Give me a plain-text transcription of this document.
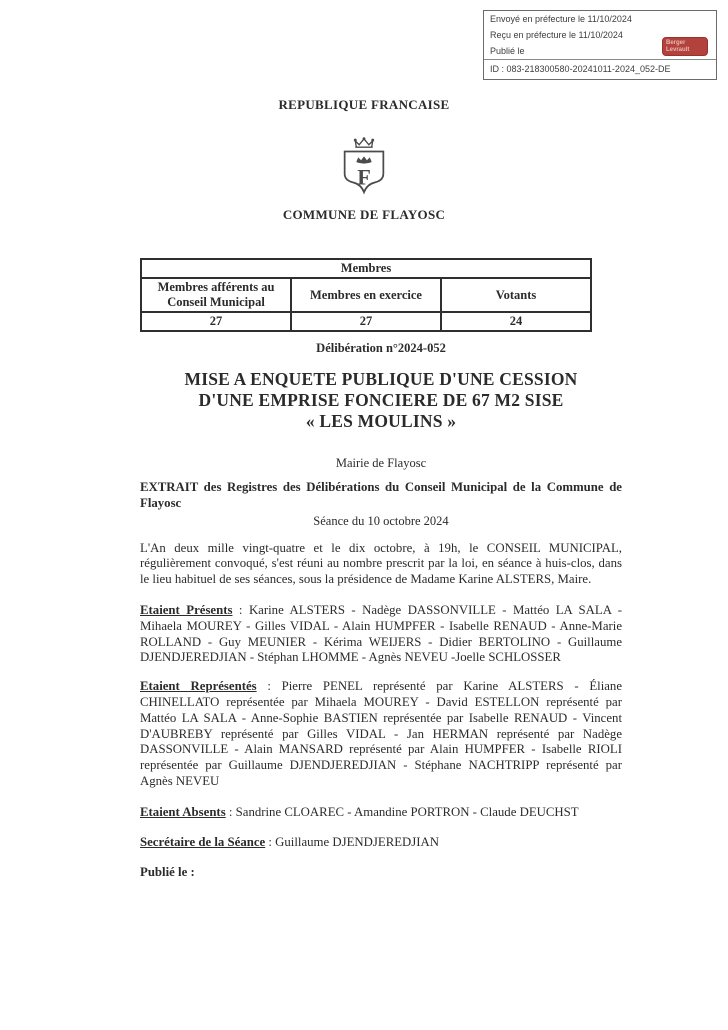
Envoyé en préfecture le 11/10/2024
Reçu en préfecture le 11/10/2024
Publié le
Berger
Levrault
ID : 083-218300580-20241011-2024_052-DE
REPUBLIQUE FRANCAISE
F
COMMUNE DE FLAYOSC
Membres		
Membres afférents au Conseil Municipal	Membres en exercice	Votants
27	27	24
Délibération n°2024-052
MISE A ENQUETE PUBLIQUE D'UNE CESSION
D'UNE EMPRISE FONCIERE DE 67 M2 SISE
« LES MOULINS »
Mairie de Flayosc

EXTRAIT des Registres des Délibérations du Conseil Municipal de la Commune de Flayosc

Séance du 10 octobre 2024

L'An deux mille vingt-quatre et le dix octobre, à 19h, le CONSEIL MUNICIPAL, régulièrement convoqué, s'est réuni au nombre prescrit par la loi, en séance à huis-clos, dans le lieu habituel de ses séances, sous la présidence de Madame Karine ALSTERS, Maire.

Etaient Présents : Karine ALSTERS - Nadège DASSONVILLE - Mattéo LA SALA - Mihaela MOUREY - Gilles VIDAL - Alain HUMPFER - Isabelle RENAUD - Anne-Marie ROLLAND - Guy MEUNIER - Kérima WEIJERS - Didier BERTOLINO - Guillaume DJENDJEREDJIAN - Stéphan LHOMME - Agnès NEVEU -Joelle SCHLOSSER

Etaient Représentés : Pierre PENEL représenté par Karine ALSTERS - Éliane CHINELLATO représentée par Mihaela MOUREY - David ESTELLON représenté par Mattéo LA SALA - Anne-Sophie BASTIEN représentée par Isabelle RENAUD - Vincent D'AUBREBY représenté par Gilles VIDAL - Jan HERMAN représenté par Nadège DASSONVILLE - Alain MANSARD représenté par Alain HUMPFER - Isabelle RIOLI représentée par Guillaume DJENDJEREDJIAN - Stéphane NACHTRIPP représenté par Agnès NEVEU

Etaient Absents : Sandrine CLOAREC - Amandine PORTRON - Claude DEUCHST

Secrétaire de la Séance : Guillaume DJENDJEREDJIAN

Publié le :
